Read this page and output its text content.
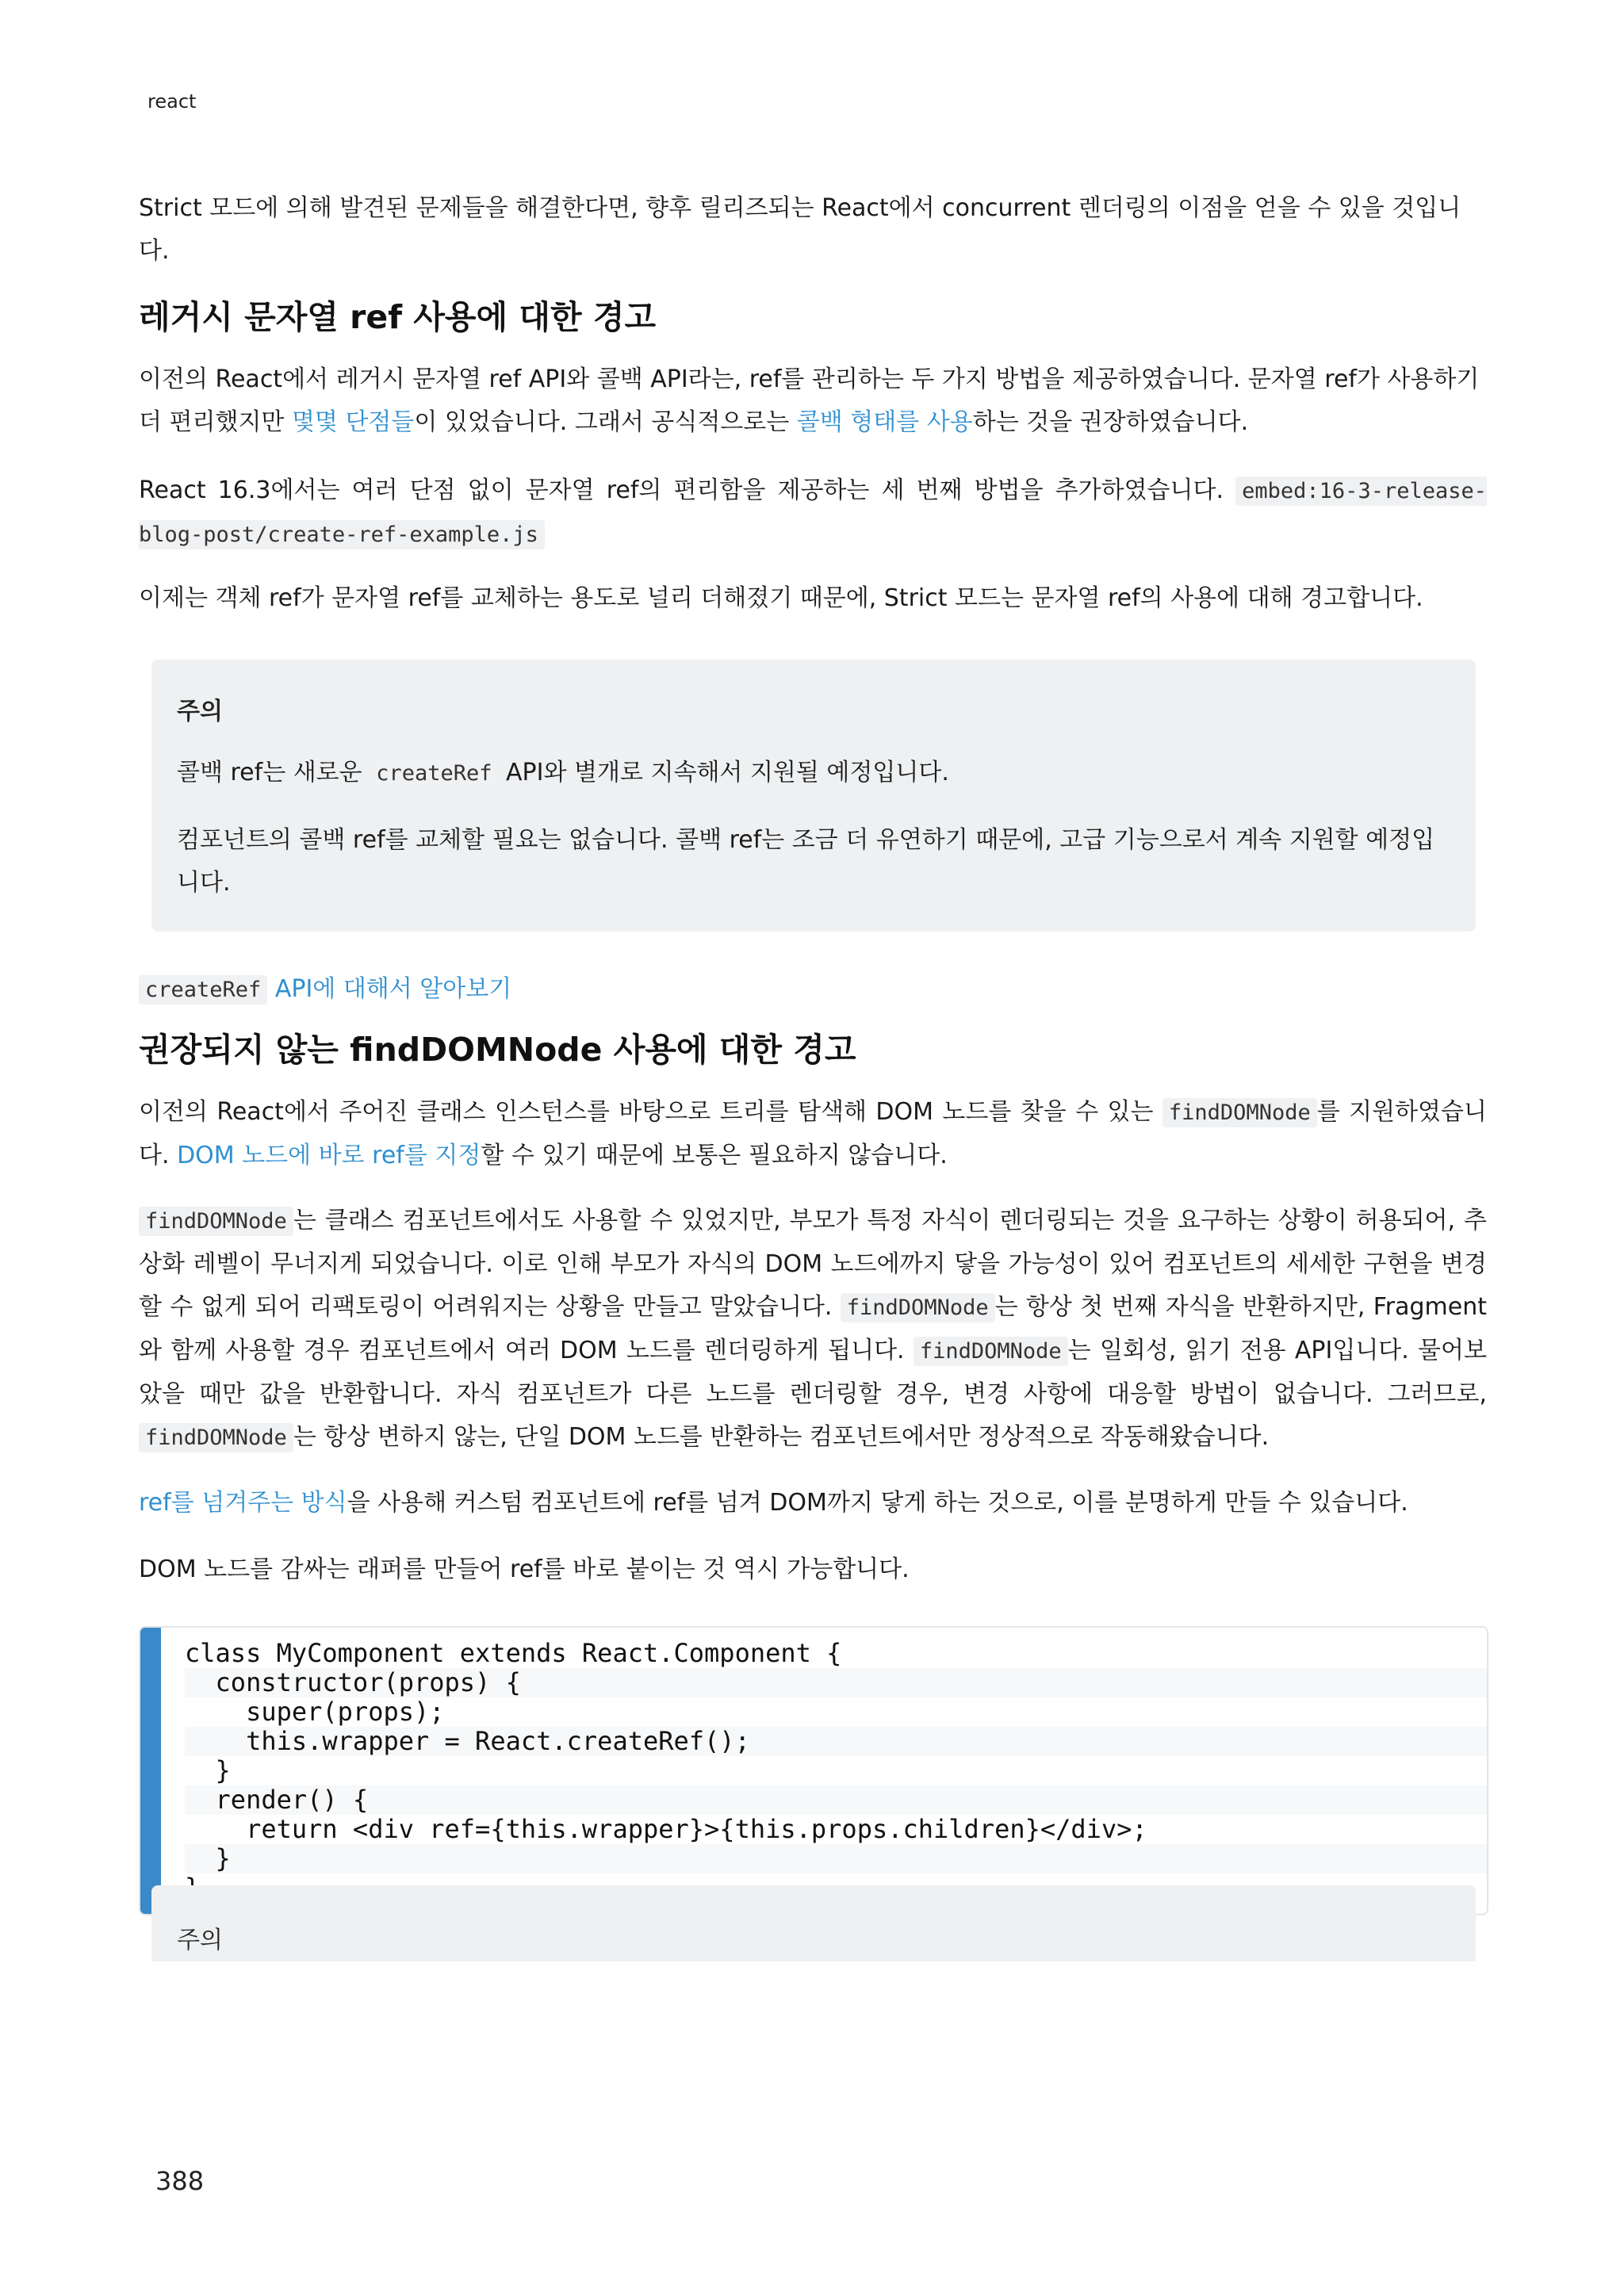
react

Strict 모드에 의해 발견된 문제들을 해결한다면, 향후 릴리즈되는 React에서 concurrent 렌더링의 이점을 얻을 수 있을 것입니다.

레거시 문자열 ref 사용에 대한 경고

이전의 React에서 레거시 문자열 ref API와 콜백 API라는, ref를 관리하는 두 가지 방법을 제공하였습니다. 문자열 ref가 사용하기 더 편리했지만 몇몇 단점들이 있었습니다. 그래서 공식적으로는 콜백 형태를 사용하는 것을 권장하였습니다.

React 16.3에서는 여러 단점 없이 문자열 ref의 편리함을 제공하는 세 번째 방법을 추가하였습니다. embed:16-3-release-blog-post/create-ref-example.js

이제는 객체 ref가 문자열 ref를 교체하는 용도로 널리 더해졌기 때문에, Strict 모드는 문자열 ref의 사용에 대해 경고합니다.

주의

콜백 ref는 새로운 createRef API와 별개로 지속해서 지원될 예정입니다.

컴포넌트의 콜백 ref를 교체할 필요는 없습니다. 콜백 ref는 조금 더 유연하기 때문에, 고급 기능으로서 계속 지원할 예정입니다.

createRef API에 대해서 알아보기

권장되지 않는 findDOMNode 사용에 대한 경고

이전의 React에서 주어진 클래스 인스턴스를 바탕으로 트리를 탐색해 DOM 노드를 찾을 수 있는 findDOMNode 를 지원하였습니다. DOM 노드에 바로 ref를 지정할 수 있기 때문에 보통은 필요하지 않습니다.

findDOMNode 는 클래스 컴포넌트에서도 사용할 수 있었지만, 부모가 특정 자식이 렌더링되는 것을 요구하는 상황이 허용되어, 추상화 레벨이 무너지게 되었습니다. 이로 인해 부모가 자식의 DOM 노드에까지 닿을 가능성이 있어 컴포넌트의 세세한 구현을 변경할 수 없게 되어 리팩토링이 어려워지는 상황을 만들고 말았습니다. findDOMNode 는 항상 첫 번째 자식을 반환하지만, Fragment와 함께 사용할 경우 컴포넌트에서 여러 DOM 노드를 렌더링하게 됩니다. findDOMNode 는 일회성, 읽기 전용 API입니다. 물어보았을 때만 값을 반환합니다. 자식 컴포넌트가 다른 노드를 렌더링할 경우, 변경 사항에 대응할 방법이 없습니다. 그러므로, findDOMNode 는 항상 변하지 않는, 단일 DOM 노드를 반환하는 컴포넌트에서만 정상적으로 작동해왔습니다.

ref를 넘겨주는 방식을 사용해 커스텀 컴포넌트에 ref를 넘겨 DOM까지 닿게 하는 것으로, 이를 분명하게 만들 수 있습니다.

DOM 노드를 감싸는 래퍼를 만들어 ref를 바로 붙이는 것 역시 가능합니다.

class MyComponent extends React.Component {
constructor(props) {
super(props);
this.wrapper = React.createRef();
}
render() {
return <div ref={this.wrapper}>{this.props.children}</div>;
}
주의
388
